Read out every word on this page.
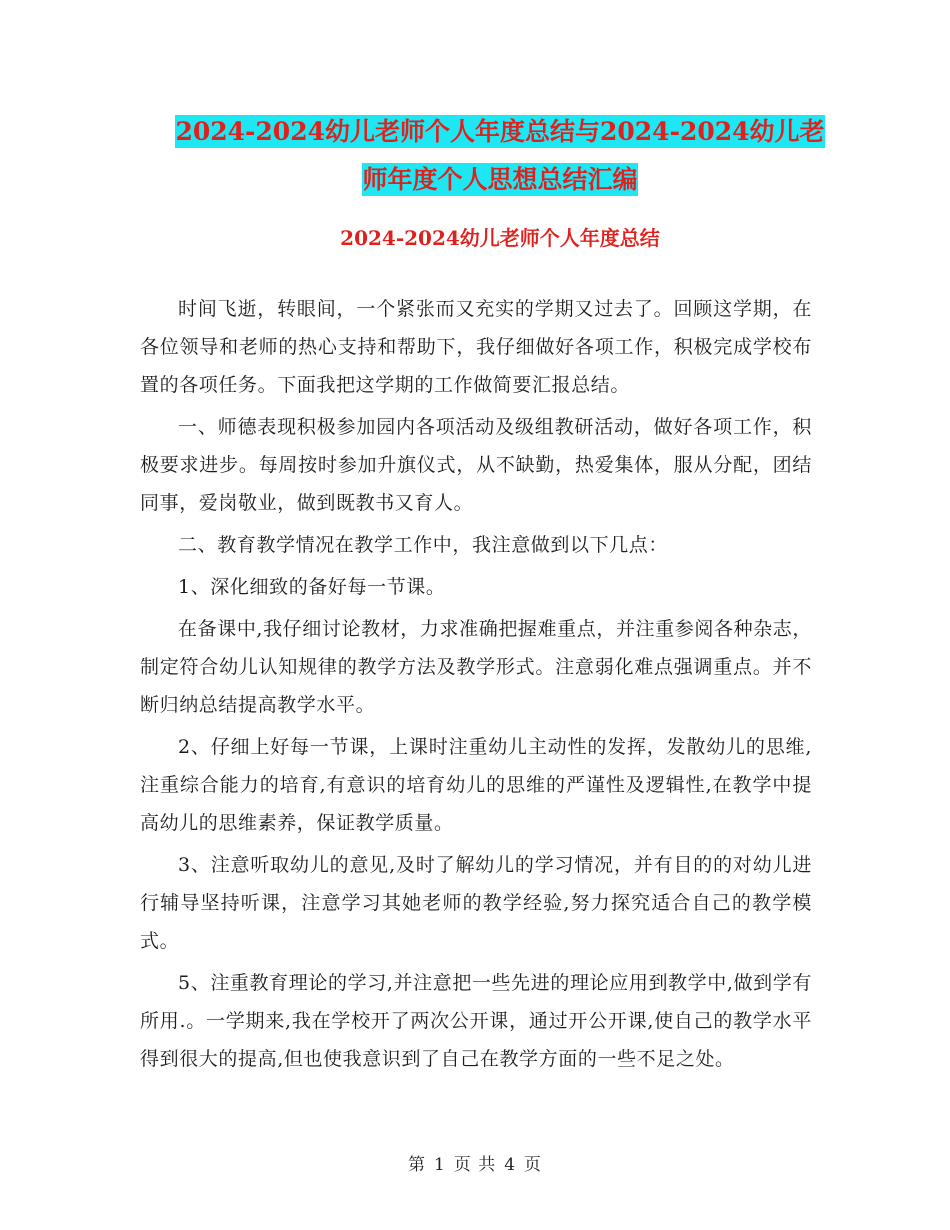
2024-2024幼儿老师个人年度总结与2024-2024幼儿老
师年度个人思想总结汇编
2024-2024幼儿老师个人年度总结

时间飞逝，转眼间，一个紧张而又充实的学期又过去了。回顾这学期，在各位领导和老师的热心支持和帮助下，我仔细做好各项工作，积极完成学校布置的各项任务。下面我把这学期的工作做简要汇报总结。

一、师德表现积极参加园内各项活动及级组教研活动，做好各项工作，积极要求进步。每周按时参加升旗仪式，从不缺勤，热爱集体，服从分配，团结同事，爱岗敬业，做到既教书又育人。

二、教育教学情况在教学工作中，我注意做到以下几点：

1、深化细致的备好每一节课。

在备课中,我仔细讨论教材，力求准确把握难重点，并注重参阅各种杂志，制定符合幼儿认知规律的教学方法及教学形式。注意弱化难点强调重点。并不断归纳总结提高教学水平。

2、仔细上好每一节课，上课时注重幼儿主动性的发挥，发散幼儿的思维,注重综合能力的培育,有意识的培育幼儿的思维的严谨性及逻辑性,在教学中提高幼儿的思维素养，保证教学质量。

3、注意听取幼儿的意见,及时了解幼儿的学习情况，并有目的的对幼儿进行辅导坚持听课，注意学习其她老师的教学经验,努力探究适合自己的教学模式。

5、注重教育理论的学习,并注意把一些先进的理论应用到教学中,做到学有所用.。一学期来,我在学校开了两次公开课，通过开公开课,使自己的教学水平得到很大的提高,但也使我意识到了自己在教学方面的一些不足之处。

第 1 页 共 4 页
